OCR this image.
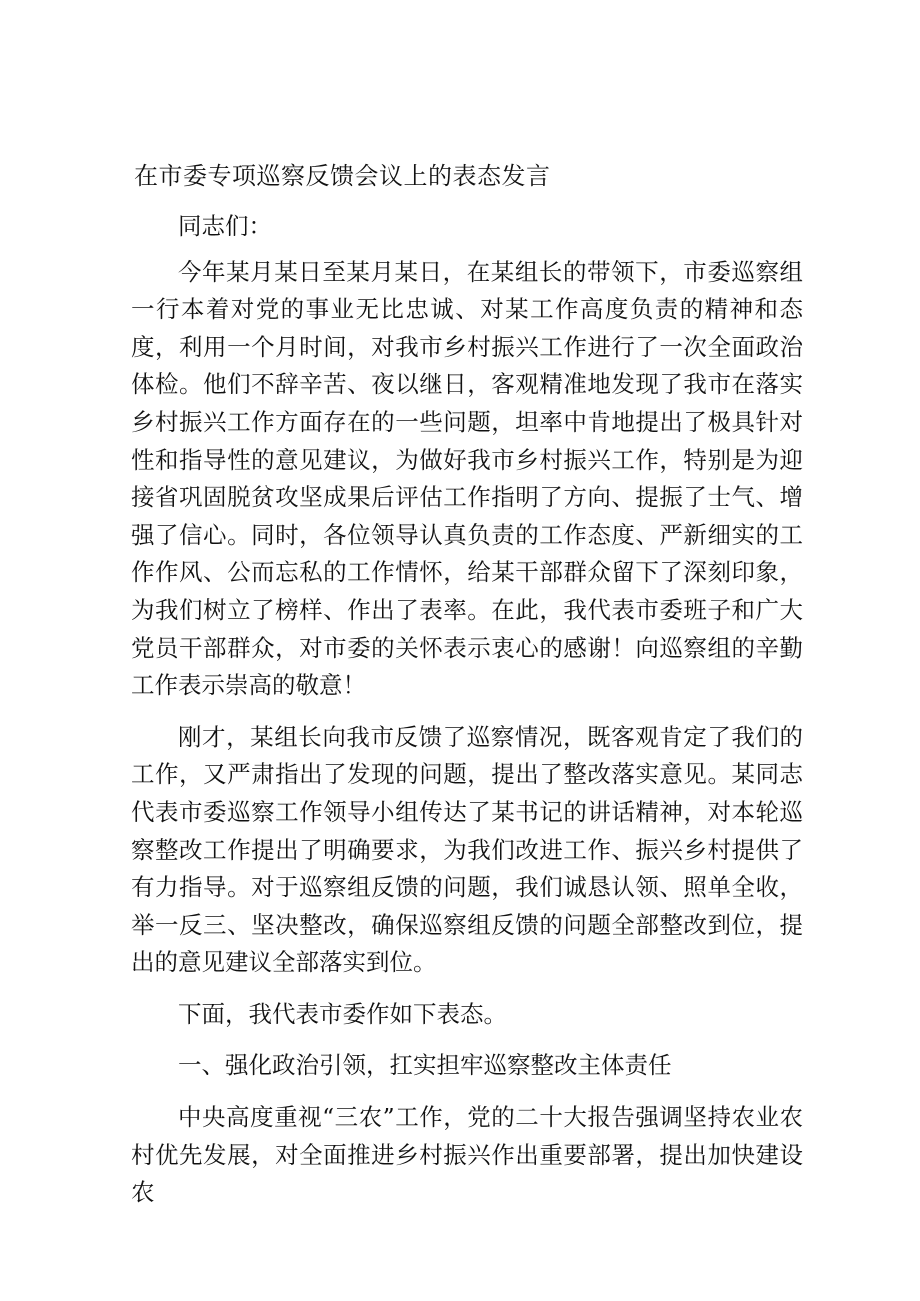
在市委专项巡察反馈会议上的表态发言

同志们：

今年某月某日至某月某日，在某组长的带领下，市委巡察组一行本着对党的事业无比忠诚、对某工作高度负责的精神和态度，利用一个月时间，对我市乡村振兴工作进行了一次全面政治体检。他们不辞辛苦、夜以继日，客观精准地发现了我市在落实乡村振兴工作方面存在的一些问题，坦率中肯地提出了极具针对性和指导性的意见建议，为做好我市乡村振兴工作，特别是为迎接省巩固脱贫攻坚成果后评估工作指明了方向、提振了士气、增强了信心。同时，各位领导认真负责的工作态度、严新细实的工作作风、公而忘私的工作情怀，给某干部群众留下了深刻印象，为我们树立了榜样、作出了表率。在此，我代表市委班子和广大党员干部群众，对市委的关怀表示衷心的感谢！向巡察组的辛勤工作表示崇高的敬意！

刚才，某组长向我市反馈了巡察情况，既客观肯定了我们的工作，又严肃指出了发现的问题，提出了整改落实意见。某同志代表市委巡察工作领导小组传达了某书记的讲话精神，对本轮巡察整改工作提出了明确要求，为我们改进工作、振兴乡村提供了有力指导。对于巡察组反馈的问题，我们诚恳认领、照单全收，举一反三、坚决整改，确保巡察组反馈的问题全部整改到位，提出的意见建议全部落实到位。

下面，我代表市委作如下表态。

一、强化政治引领，扛实担牢巡察整改主体责任

中央高度重视“三农”工作，党的二十大报告强调坚持农业农村优先发展，对全面推进乡村振兴作出重要部署，提出加快建设农
